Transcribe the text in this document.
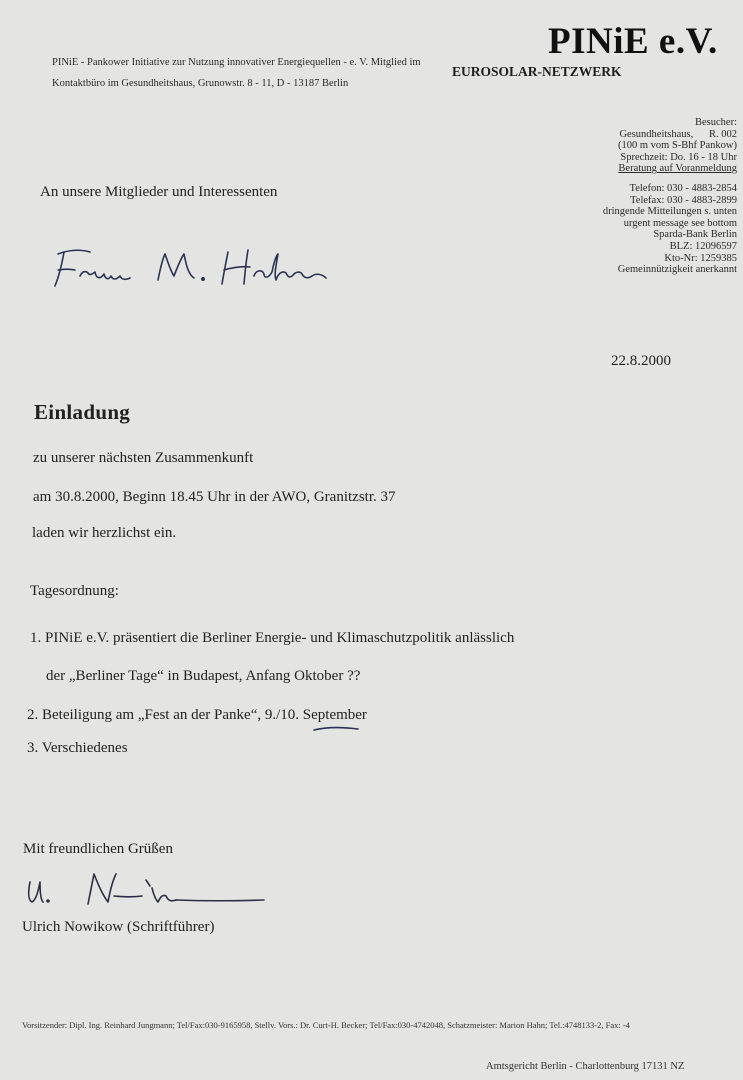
PINiE e.V.
PINiE - Pankower Initiative zur Nutzung innovativer Energiequellen - e. V. Mitglied im
EUROSOLAR-NETZWERK
Kontaktbüro im Gesundheitshaus, Grunowstr. 8 - 11, D - 13187 Berlin
Besucher:
Gesundheitshaus,      R. 002
(100 m vom S-Bhf Pankow)
Sprechzeit: Do. 16 - 18 Uhr
Beratung auf Voranmeldung
Telefon: 030 - 4883-2854
Telefax: 030 - 4883-2899
dringende Mitteilungen s. unten
urgent message see bottom
Sparda-Bank Berlin
BLZ: 12096597
Kto-Nr: 1259385
Gemeinnützigkeit anerkannt
An unsere Mitglieder und Interessenten
22.8.2000
Einladung
zu unserer nächsten Zusammenkunft
am 30.8.2000, Beginn 18.45 Uhr in der AWO, Granitzstr. 37
laden wir herzlichst ein.
Tagesordnung:
1. PINiE e.V. präsentiert die Berliner Energie- und Klimaschutzpolitik anlässlich
der „Berliner Tage“ in Budapest, Anfang Oktober ??
2. Beteiligung am „Fest an der Panke“, 9./10. September
3. Verschiedenes
Mit freundlichen Grüßen
Ulrich Nowikow (Schriftführer)
Vorsitzender: Dipl. Ing. Reinhard Jungmann; Tel/Fax:030-9165958, Stellv. Vors.: Dr. Curt-H. Becker; Tel/Fax:030-4742048, Schatzmeister: Marion Hahn; Tel.:4748133-2, Fax: -4
Amtsgericht Berlin - Charlottenburg 17131 NZ
